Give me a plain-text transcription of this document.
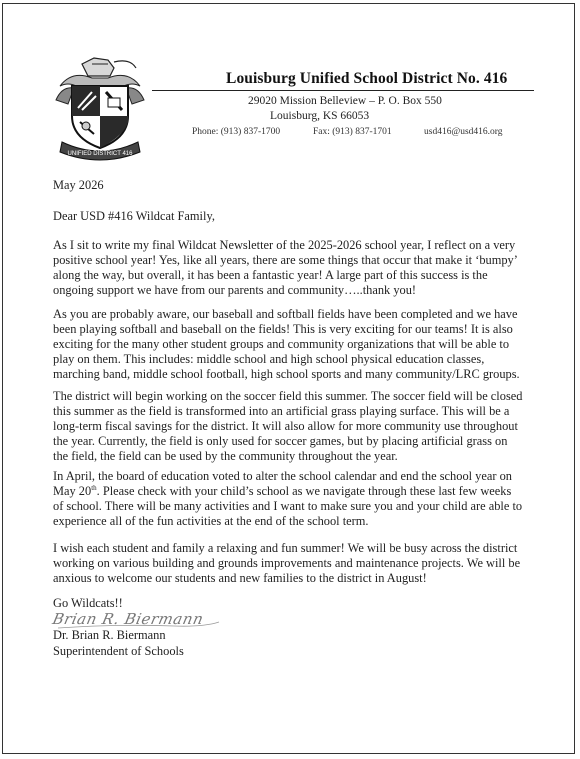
UNIFIED DISTRICT 416
Louisburg Unified School District No. 416
29020 Mission Belleview – P. O. Box 550
Louisburg, KS 66053
Phone: (913) 837-1700	Fax: (913) 837-1701	usd416@usd416.org

May 2026

Dear USD #416 Wildcat Family,

As I sit to write my final Wildcat Newsletter of the 2025-2026 school year, I reflect on a very positive school year! Yes, like all years, there are some things that occur that make it ‘bumpy’ along the way, but overall, it has been a fantastic year! A large part of this success is the ongoing support we have from our parents and community…..thank you!

As you are probably aware, our baseball and softball fields have been completed and we have been playing softball and baseball on the fields! This is very exciting for our teams! It is also exciting for the many other student groups and community organizations that will be able to play on them. This includes: middle school and high school physical education classes, marching band, middle school football, high school sports and many community/LRC groups.

The district will begin working on the soccer field this summer. The soccer field will be closed this summer as the field is transformed into an artificial grass playing surface. This will be a long-term fiscal savings for the district. It will also allow for more community use throughout the year. Currently, the field is only used for soccer games, but by placing artificial grass on the field, the field can be used by the community throughout the year.

In April, the board of education voted to alter the school calendar and end the school year on May 20th. Please check with your child’s school as we navigate through these last few weeks of school. There will be many activities and I want to make sure you and your child are able to experience all of the fun activities at the end of the school term.

I wish each student and family a relaxing and fun summer! We will be busy across the district working on various building and grounds improvements and maintenance projects. We will be anxious to welcome our students and new families to the district in August!

Go Wildcats!!

Brian R. Biermann

Dr. Brian R. Biermann

Superintendent of Schools
